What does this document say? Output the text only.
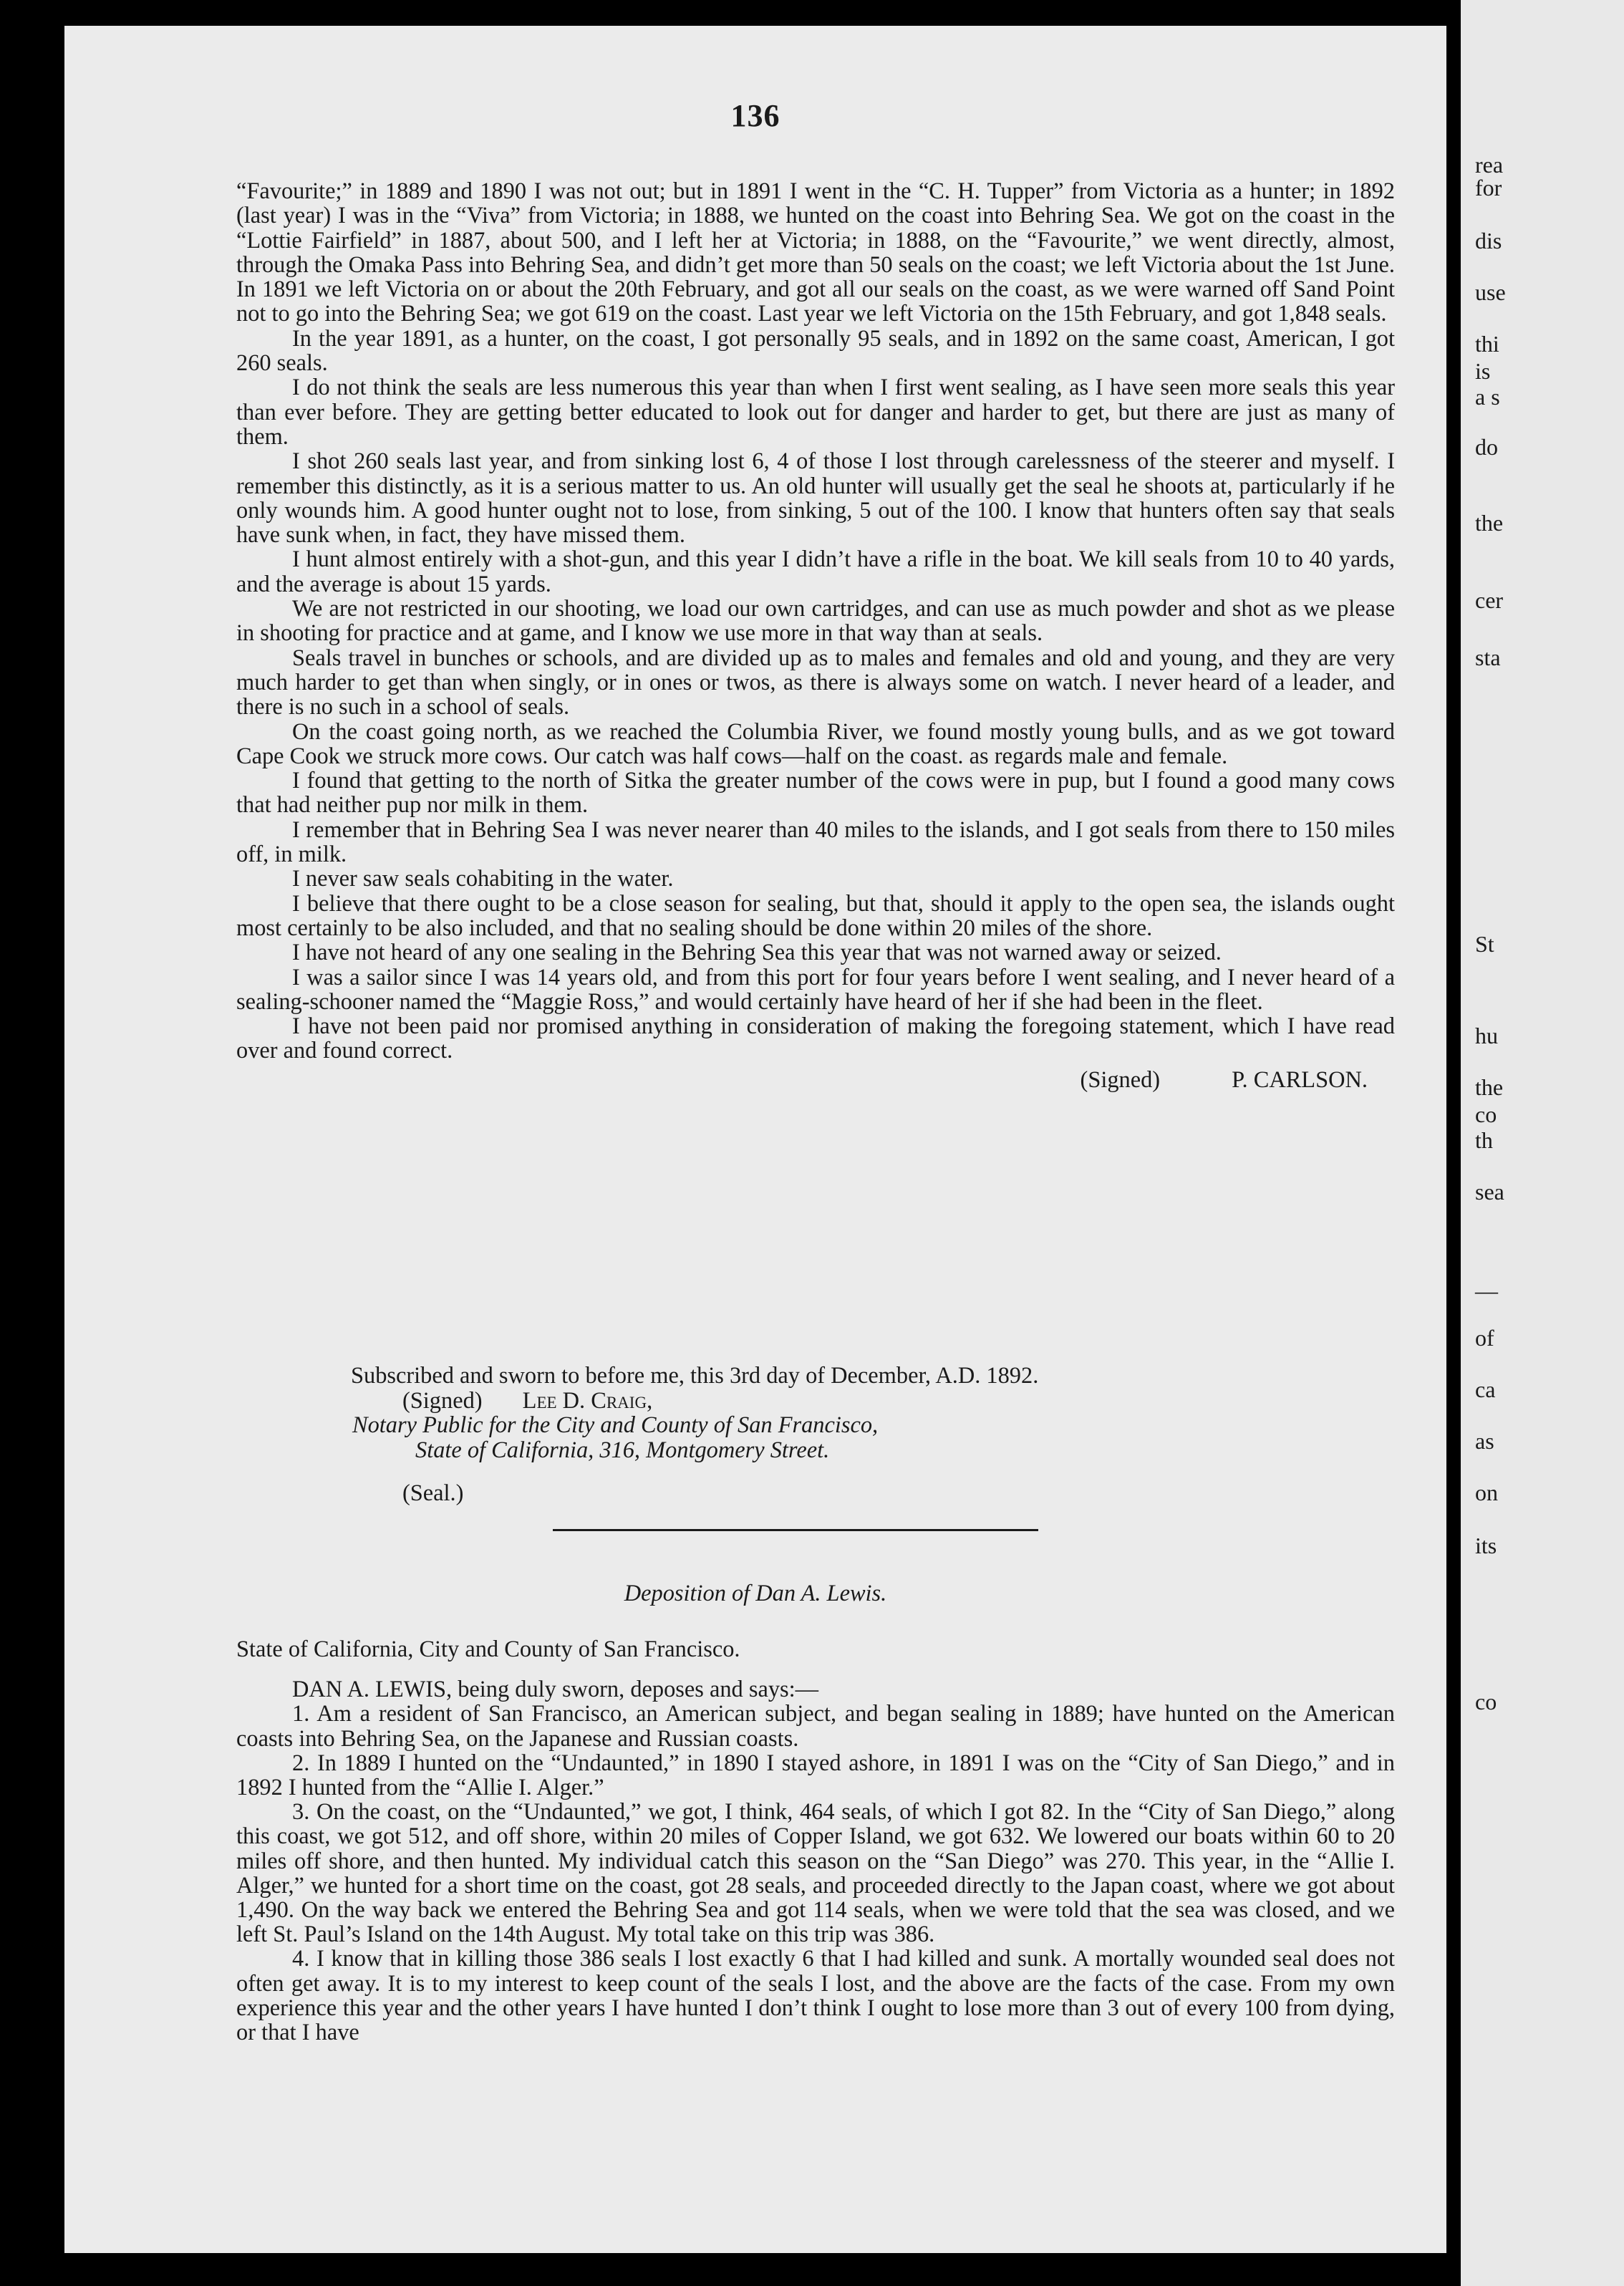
136

“Favourite;” in 1889 and 1890 I was not out; but in 1891 I went in the “C. H. Tupper” from Victoria as a hunter; in 1892 (last year) I was in the “Viva” from Victoria; in 1888, we hunted on the coast into Behring Sea. We got on the coast in the “Lottie Fairfield” in 1887, about 500, and I left her at Victoria; in 1888, on the “Favourite,” we went directly, almost, through the Omaka Pass into Behring Sea, and didn’t get more than 50 seals on the coast; we left Victoria about the 1st June. In 1891 we left Victoria on or about the 20th February, and got all our seals on the coast, as we were warned off Sand Point not to go into the Behring Sea; we got 619 on the coast. Last year we left Victoria on the 15th February, and got 1,848 seals.

In the year 1891, as a hunter, on the coast, I got personally 95 seals, and in 1892 on the same coast, American, I got 260 seals.

I do not think the seals are less numerous this year than when I first went sealing, as I have seen more seals this year than ever before. They are getting better educated to look out for danger and harder to get, but there are just as many of them.

I shot 260 seals last year, and from sinking lost 6, 4 of those I lost through carelessness of the steerer and myself. I remember this distinctly, as it is a serious matter to us. An old hunter will usually get the seal he shoots at, particularly if he only wounds him. A good hunter ought not to lose, from sinking, 5 out of the 100. I know that hunters often say that seals have sunk when, in fact, they have missed them.

I hunt almost entirely with a shot-gun, and this year I didn’t have a rifle in the boat. We kill seals from 10 to 40 yards, and the average is about 15 yards.

We are not restricted in our shooting, we load our own cartridges, and can use as much powder and shot as we please in shooting for practice and at game, and I know we use more in that way than at seals.

Seals travel in bunches or schools, and are divided up as to males and females and old and young, and they are very much harder to get than when singly, or in ones or twos, as there is always some on watch. I never heard of a leader, and there is no such in a school of seals.

On the coast going north, as we reached the Columbia River, we found mostly young bulls, and as we got toward Cape Cook we struck more cows. Our catch was half cows—half on the coast. as regards male and female.

I found that getting to the north of Sitka the greater number of the cows were in pup, but I found a good many cows that had neither pup nor milk in them.

I remember that in Behring Sea I was never nearer than 40 miles to the islands, and I got seals from there to 150 miles off, in milk.

I never saw seals cohabiting in the water.

I believe that there ought to be a close season for sealing, but that, should it apply to the open sea, the islands ought most certainly to be also included, and that no sealing should be done within 20 miles of the shore.

I have not heard of any one sealing in the Behring Sea this year that was not warned away or seized.

I was a sailor since I was 14 years old, and from this port for four years before I went sealing, and I never heard of a sealing-schooner named the “Maggie Ross,” and would certainly have heard of her if she had been in the fleet.

I have not been paid nor promised anything in consideration of making the foregoing statement, which I have read over and found correct.

(Signed)	P. CARLSON.
Subscribed and sworn to before me, this 3rd day of December, A.D. 1892.
(Signed) Lee D. Craig,
Notary Public for the City and County of San Francisco,
State of California, 316, Montgomery Street.
(Seal.)
Deposition of Dan A. Lewis.

State of California, City and County of San Francisco.

DAN A. LEWIS, being duly sworn, deposes and says:—

1. Am a resident of San Francisco, an American subject, and began sealing in 1889; have hunted on the American coasts into Behring Sea, on the Japanese and Russian coasts.

2. In 1889 I hunted on the “Undaunted,” in 1890 I stayed ashore, in 1891 I was on the “City of San Diego,” and in 1892 I hunted from the “Allie I. Alger.”

3. On the coast, on the “Undaunted,” we got, I think, 464 seals, of which I got 82. In the “City of San Diego,” along this coast, we got 512, and off shore, within 20 miles of Copper Island, we got 632. We lowered our boats within 60 to 20 miles off shore, and then hunted. My individual catch this season on the “San Diego” was 270. This year, in the “Allie I. Alger,” we hunted for a short time on the coast, got 28 seals, and proceeded directly to the Japan coast, where we got about 1,490. On the way back we entered the Behring Sea and got 114 seals, when we were told that the sea was closed, and we left St. Paul’s Island on the 14th August. My total take on this trip was 386.

4. I know that in killing those 386 seals I lost exactly 6 that I had killed and sunk. A mortally wounded seal does not often get away. It is to my interest to keep count of the seals I lost, and the above are the facts of the case. From my own experience this year and the other years I have hunted I don’t think I ought to lose more than 3 out of every 100 from dying, or that I have

rea
for
dis
use
thi
is
a s
do
the
cer
sta
St
hu
the
co
th
sea
—
of
ca
as
on
its
co
